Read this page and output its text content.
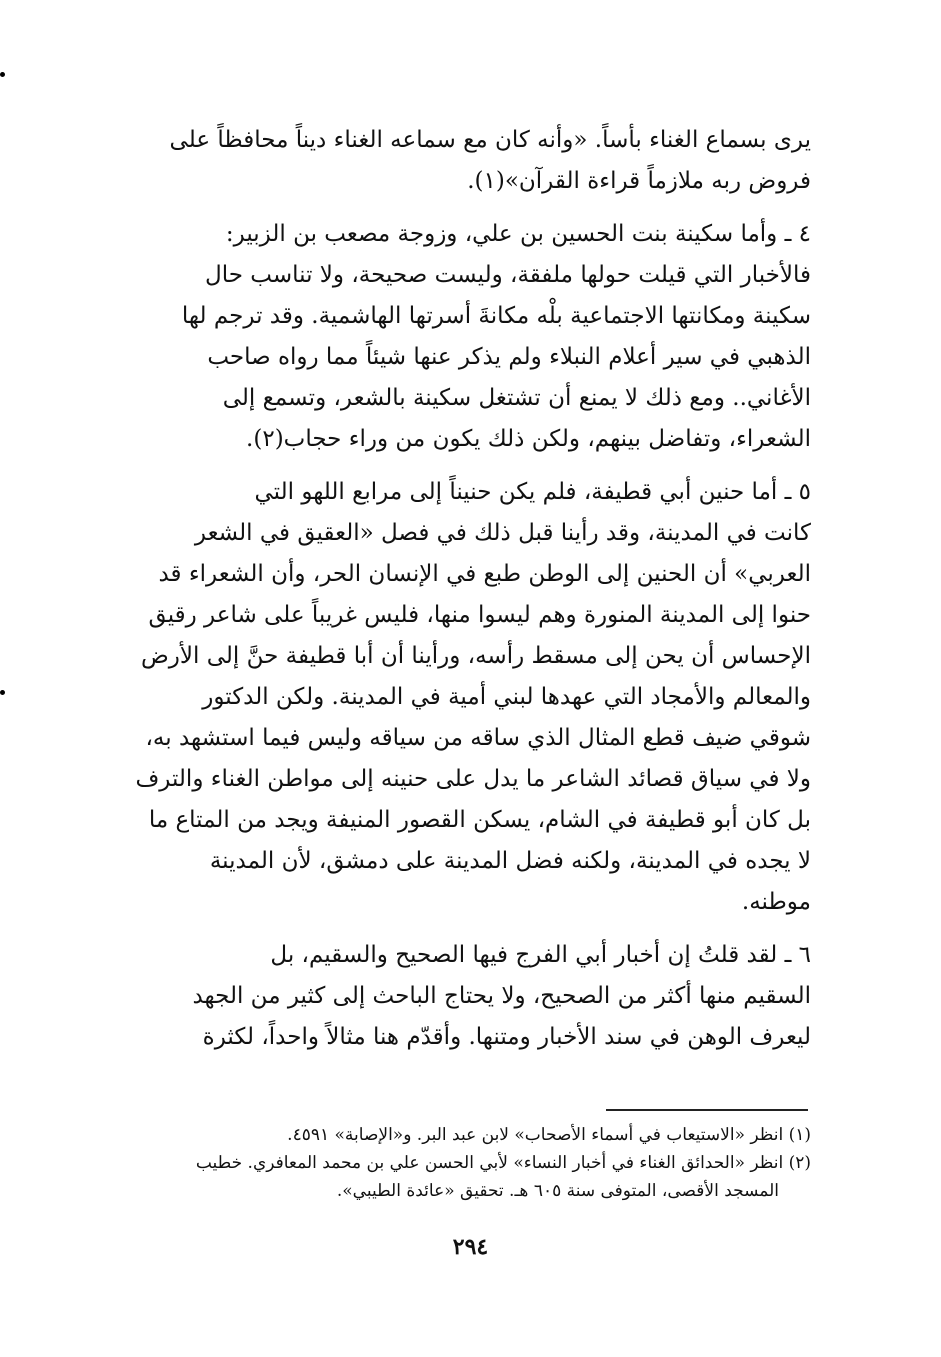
يرى بسماع الغناء بأساً. «وأنه كان مع سماعه الغناء ديناً محافظاً على
فروض ربه ملازماً قراءة القرآن»(١).
٤ ـ وأما سكينة بنت الحسين بن علي، وزوجة مصعب بن الزبير:
فالأخبار التي قيلت حولها ملفقة، وليست صحيحة، ولا تناسب حال
سكينة ومكانتها الاجتماعية بلْه مكانةَ أسرتها الهاشمية. وقد ترجم لها
الذهبي في سير أعلام النبلاء ولم يذكر عنها شيئاً مما رواه صاحب
الأغاني.. ومع ذلك لا يمنع أن تشتغل سكينة بالشعر، وتسمع إلى
الشعراء، وتفاضل بينهم، ولكن ذلك يكون من وراء حجاب(٢).
٥ ـ أما حنين أبي قطيفة، فلم يكن حنيناً إلى مرابع اللهو التي
كانت في المدينة، وقد رأينا قبل ذلك في فصل «العقيق في الشعر
العربي» أن الحنين إلى الوطن طبع في الإنسان الحر، وأن الشعراء قد
حنوا إلى المدينة المنورة وهم ليسوا منها، فليس غريباً على شاعر رقيق
الإحساس أن يحن إلى مسقط رأسه، ورأينا أن أبا قطيفة حنَّ إلى الأرض
والمعالم والأمجاد التي عهدها لبني أمية في المدينة. ولكن الدكتور
شوقي ضيف قطع المثال الذي ساقه من سياقه وليس فيما استشهد به،
ولا في سياق قصائد الشاعر ما يدل على حنينه إلى مواطن الغناء والترف
بل كان أبو قطيفة في الشام، يسكن القصور المنيفة ويجد من المتاع ما
لا يجده في المدينة، ولكنه فضل المدينة على دمشق، لأن المدينة
موطنه.
٦ ـ لقد قلتُ إن أخبار أبي الفرج فيها الصحيح والسقيم، بل
السقيم منها أكثر من الصحيح، ولا يحتاج الباحث إلى كثير من الجهد
ليعرف الوهن في سند الأخبار ومتنها. وأقدّم هنا مثالاً واحداً، لكثرة
(١) انظر «الاستيعاب في أسماء الأصحاب» لابن عبد البر. و«الإصابة» ٤٥٩١.
(٢) انظر «الحدائق الغناء في أخبار النساء» لأبي الحسن علي بن محمد المعافري. خطيب
المسجد الأقصى، المتوفى سنة ٦٠٥ هـ. تحقيق «عائدة الطيبي».
٢٩٤
